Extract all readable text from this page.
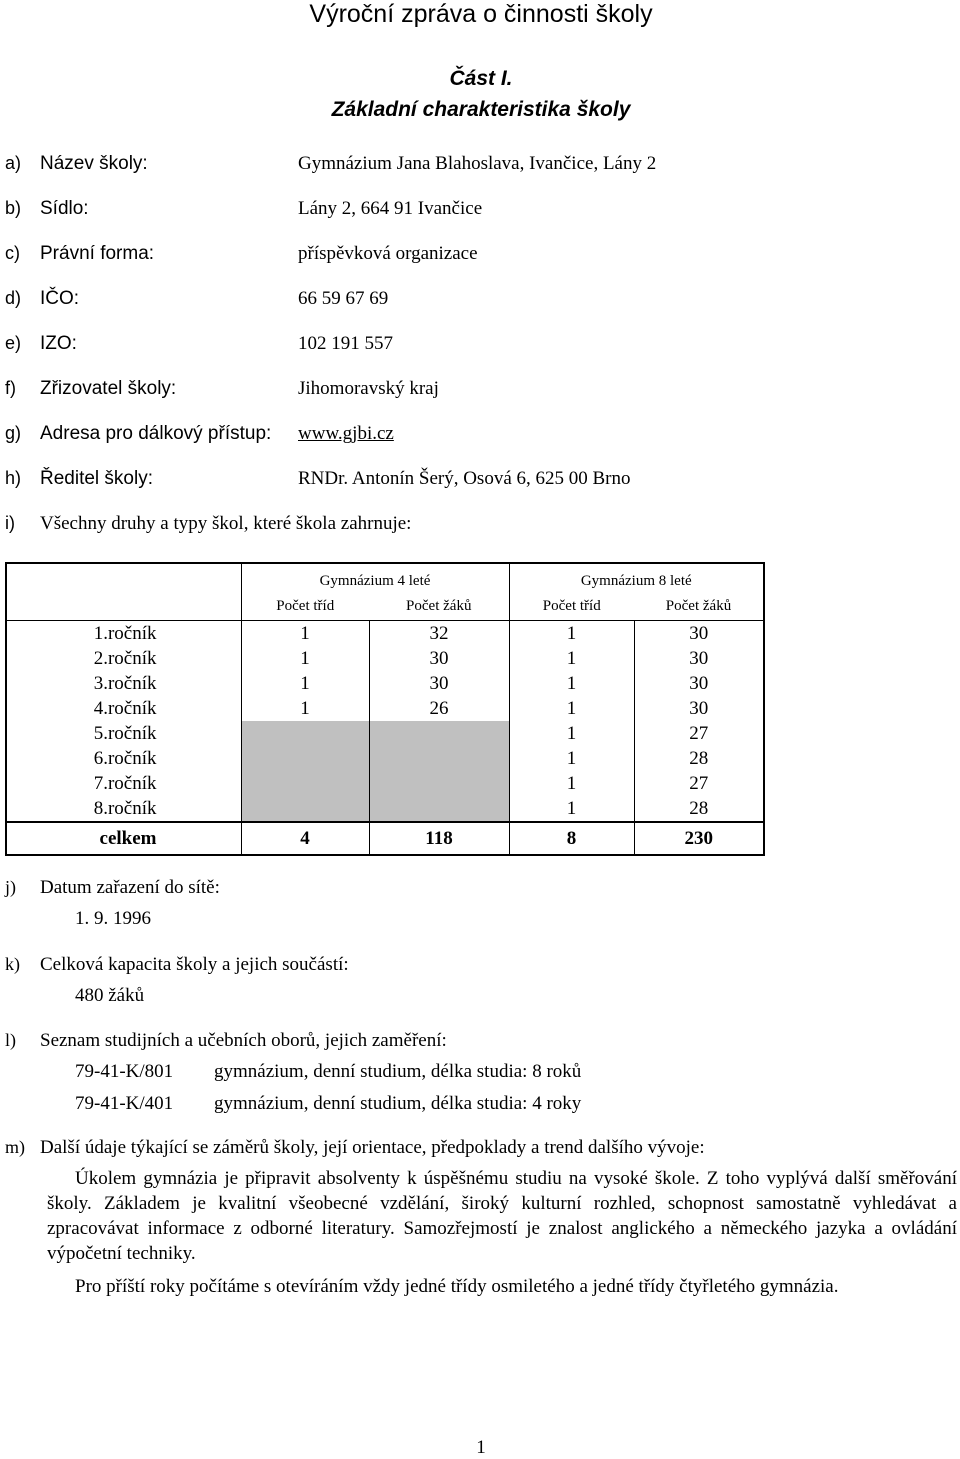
Výroční zpráva o činnosti školy
Část I.
Základní charakteristika školy
a) Název školy:	Gymnázium Jana Blahoslava, Ivančice, Lány 2
b) Sídlo:	Lány 2, 664 91 Ivančice
c) Právní forma:	příspěvková organizace
d) IČO:	66 59 67 69
e) IZO:	102 191 557
f) Zřizovatel školy:	Jihomoravský kraj
g) Adresa pro dálkový přístup: www.gjbi.cz
h) Ředitel školy:	RNDr. Antonín Šerý, Osová 6, 625 00 Brno
i) Všechny druhy a typy škol, které škola zahrnuje:
	Gymnázium 4 leté		Gymnázium 8 leté	
	Počet tříd	Počet žáků	Počet tříd	Počet žáků
1.ročník	1	32	1	30
2.ročník	1	30	1	30
3.ročník	1	30	1	30
4.ročník	1	26	1	30
5.ročník			1	27
6.ročník			1	28
7.ročník			1	27
8.ročník			1	28
celkem	4	118	8	230
j) Datum zařazení do sítě:
1. 9. 1996
k) Celková kapacita školy a jejich součástí:
480 žáků
l) Seznam studijních a učebních oborů, jejich zaměření:
79-41-K/801 gymnázium, denní studium, délka studia: 8 roků
79-41-K/401 gymnázium, denní studium, délka studia: 4 roky
m) Další údaje týkající se záměrů školy, její orientace, předpoklady a trend dalšího vývoje:
Úkolem gymnázia je připravit absolventy k úspěšnému studiu na vysoké škole. Z toho vyplývá další směřování školy. Základem je kvalitní všeobecné vzdělání, široký kulturní rozhled, schopnost samostatně vyhledávat a zpracovávat informace z odborné literatury. Samozřejmostí je znalost anglického a německého jazyka a ovládání výpočetní techniky.
Pro příští roky počítáme s otevíráním vždy jedné třídy osmiletého a jedné třídy čtyřletého gymnázia.
1
